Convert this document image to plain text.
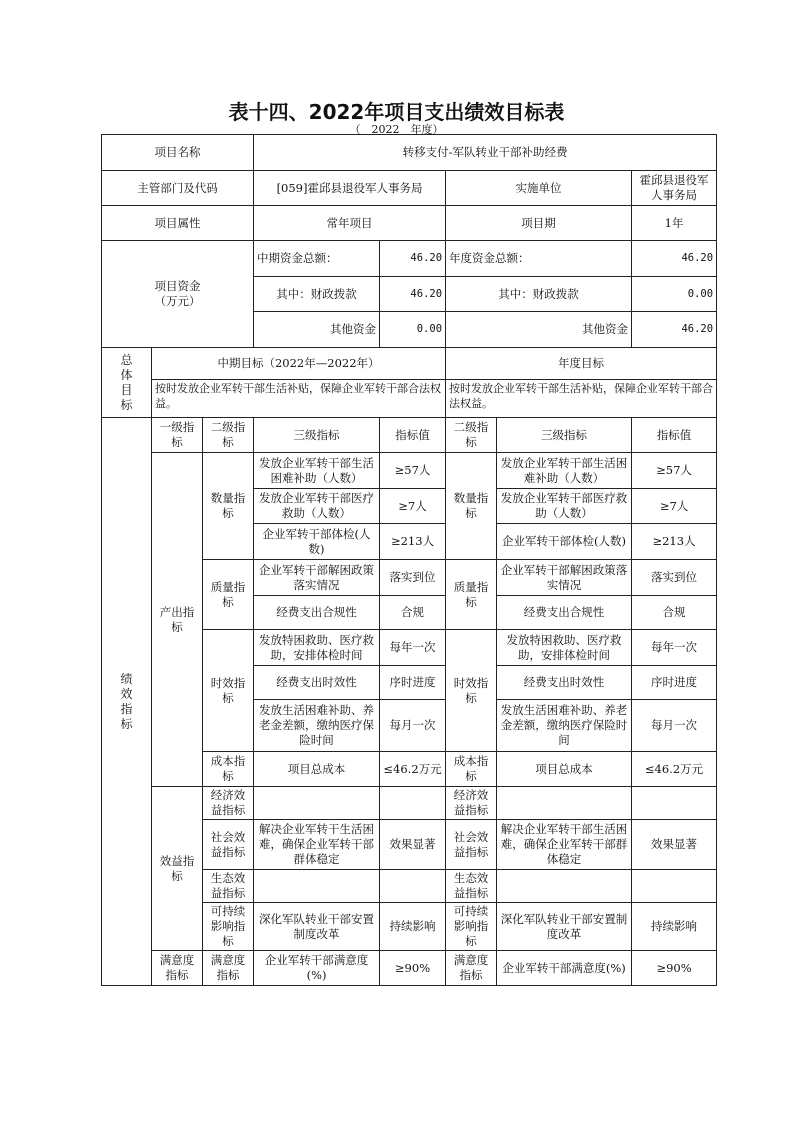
表十四、2022年项目支出绩效目标表
（　2022　年度）
项目名称			转移支付-军队转业干部补助经费				
主管部门及代码			[059]霍邱县退役军人事务局		实施单位		霍邱县退役军人事务局
项目属性			常年项目		项目期		1年

项目资金
（万元）			中期资金总额：	46.20	年度资金总额：		46.20
			其中：财政拨款	46.20	其中：财政拨款		0.00
			其他资金	0.00	其他资金		46.20
总体目标	中期目标（2022年—2022年）				年度目标		
	按时发放企业军转干部生活补贴，保障企业军转干部合法权益。				按时发放企业军转干部生活补贴，保障企业军转干部合法权益。		
绩效指标	一级指标	二级指标	三级指标	指标值	二级指标	三级指标	指标值
	产出指标	数量指标	发放企业军转干部生活困难补助（人数）	≥57人	数量指标	发放企业军转干部生活困难补助（人数）	≥57人
			发放企业军转干部医疗救助（人数）	≥7人		发放企业军转干部医疗救助（人数）	≥7人
			企业军转干部体检(人数)	≥213人		企业军转干部体检(人数)	≥213人
		质量指标	企业军转干部解困政策落实情况	落实到位	质量指标	企业军转干部解困政策落实情况	落实到位
			经费支出合规性	合规		经费支出合规性	合规
		时效指标	发放特困救助、医疗救助，安排体检时间	每年一次	时效指标	发放特困救助、医疗救助，安排体检时间	每年一次
			经费支出时效性	序时进度		经费支出时效性	序时进度
			发放生活困难补助、养老金差额，缴纳医疗保险时间	每月一次		发放生活困难补助、养老金差额，缴纳医疗保险时间	每月一次
		成本指标	项目总成本	≤46.2万元	成本指标	项目总成本	≤46.2万元
	效益指标	经济效益指标			经济效益指标		
		社会效益指标	解决企业军转干生活困难，确保企业军转干部群体稳定	效果显著	社会效益指标	解决企业军转干部生活困难，确保企业军转干部群体稳定	效果显著
		生态效益指标			生态效益指标		
		可持续影响指标	深化军队转业干部安置制度改革	持续影响	可持续影响指标	深化军队转业干部安置制度改革	持续影响
	满意度指标	满意度指标	企业军转干部满意度(%)	≥90%	满意度指标	企业军转干部满意度(%)	≥90%
